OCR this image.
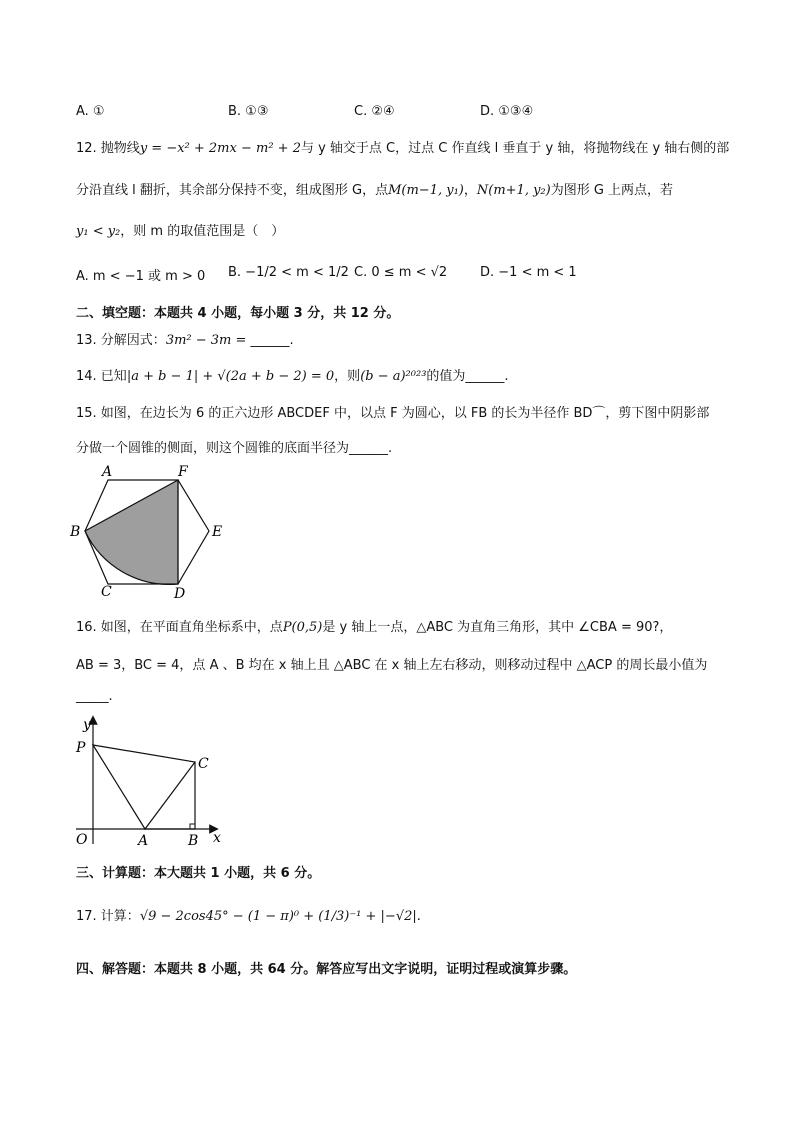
A. ①	B. ①③	C. ②④	D. ①③④
12. 抛物线y = −x² + 2mx − m² + 2与 y 轴交于点 C，过点 C 作直线 l 垂直于 y 轴，将抛物线在 y 轴右侧的部
分沿直线 l 翻折，其余部分保持不变，组成图形 G，点M(m−1, y₁)，N(m+1, y₂)为图形 G 上两点，若
y₁ < y₂，则 m 的取值范围是（　）
A. m < −1 或 m > 0 B. −1/2 < m < 1/2 C. 0 ≤ m < √2	D. −1 < m < 1
二、填空题：本题共 4 小题，每小题 3 分，共 12 分。
13. 分解因式：3m² − 3m = ______.
14. 已知|a + b − 1| + √(2a + b − 2) = 0，则(b − a)²⁰²³的值为______.
15. 如图，在边长为 6 的正六边形 ABCDEF 中，以点 F 为圆心，以 FB 的长为半径作 BD⌒，剪下图中阴影部
分做一个圆锥的侧面，则这个圆锥的底面半径为______.
A	F
B	E
C	D
16. 如图，在平面直角坐标系中，点P(0,5)是 y 轴上一点，△ABC 为直角三角形，其中 ∠CBA = 90?，
AB = 3，BC = 4，点 A 、B 均在 x 轴上且 △ABC 在 x 轴上左右移动，则移动过程中 △ACP 的周长最小值为
_____.
y
P
C
O	A	B x
三、计算题：本大题共 1 小题，共 6 分。
17. 计算：√9 − 2cos45° − (1 − π)⁰ + (1/3)⁻¹ + |−√2|.
四、解答题：本题共 8 小题，共 64 分。解答应写出文字说明，证明过程或演算步骤。
